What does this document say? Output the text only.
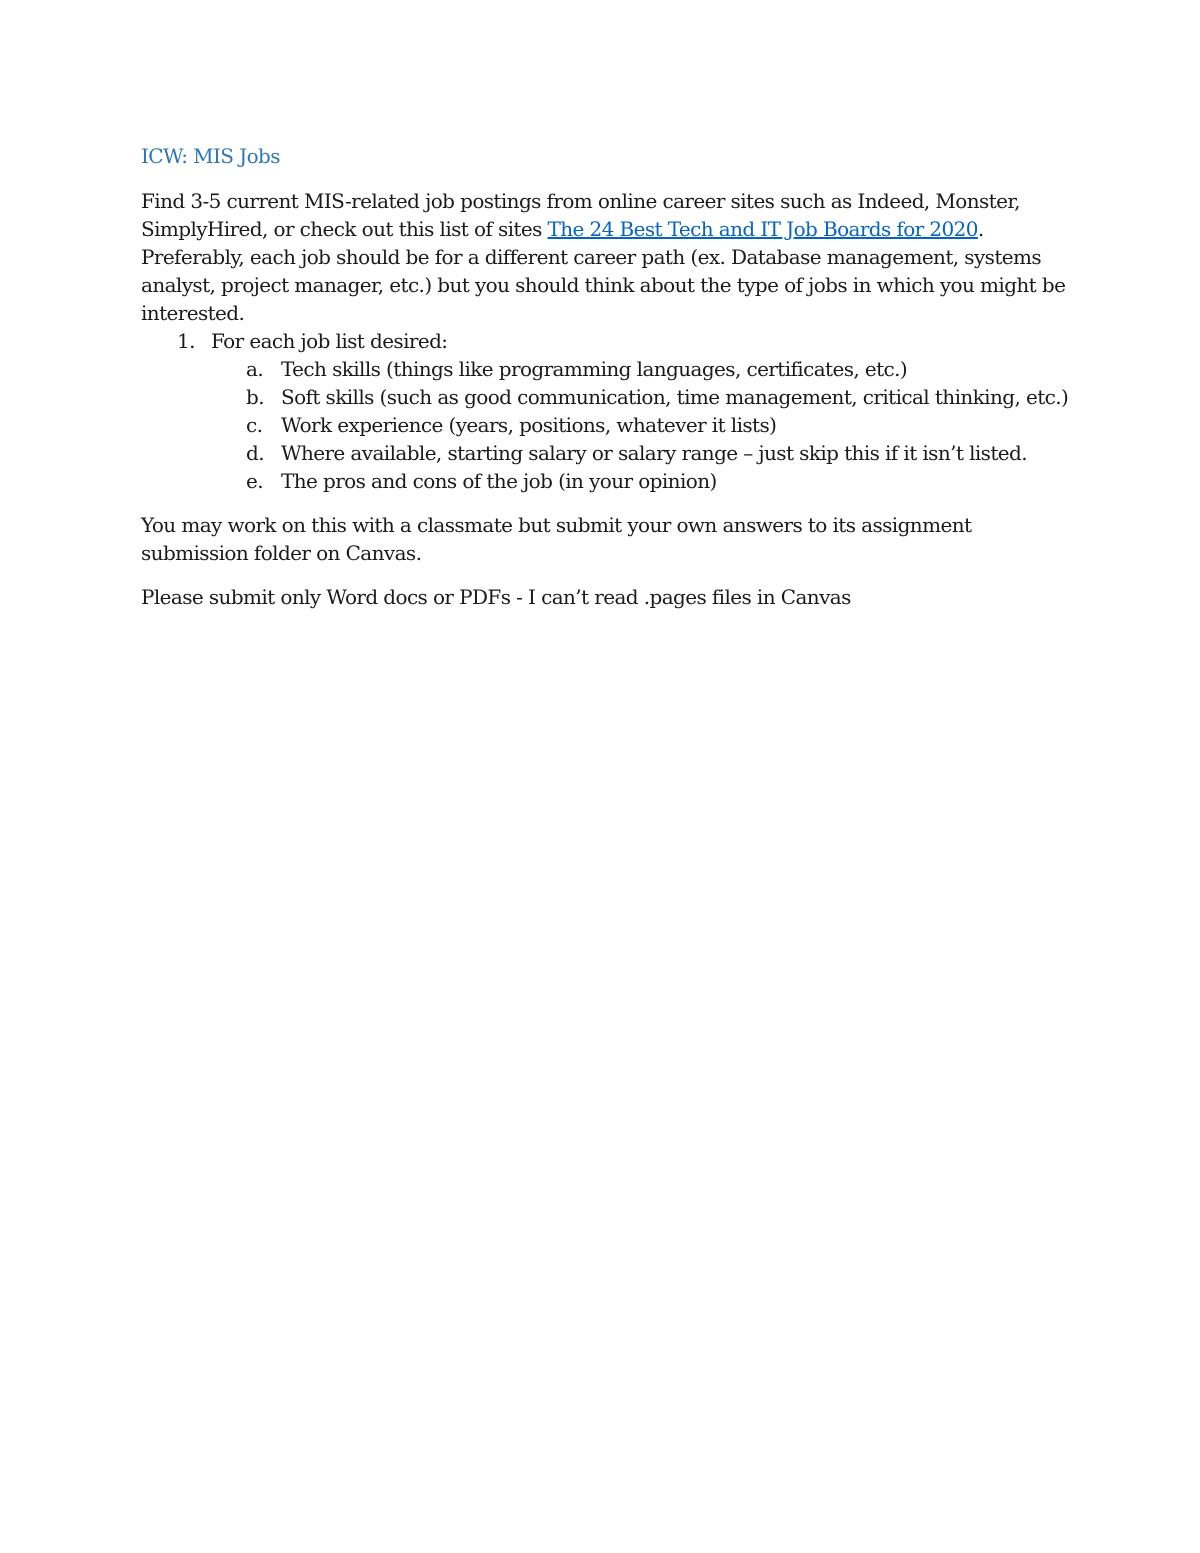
ICW: MIS Jobs

Find 3-5 current MIS-related job postings from online career sites such as Indeed, Monster, SimplyHired, or check out this list of sites The 24 Best Tech and IT Job Boards for 2020. Preferably, each job should be for a different career path (ex. Database management, systems analyst, project manager, etc.) but you should think about the type of jobs in which you might be interested.

1. For each job list desired:
a. Tech skills (things like programming languages, certificates, etc.)
b. Soft skills (such as good communication, time management, critical thinking, etc.)
c. Work experience (years, positions, whatever it lists)
d. Where available, starting salary or salary range – just skip this if it isn’t listed.
e. The pros and cons of the job (in your opinion)

You may work on this with a classmate but submit your own answers to its assignment submission folder on Canvas.

Please submit only Word docs or PDFs - I can’t read .pages files in Canvas
